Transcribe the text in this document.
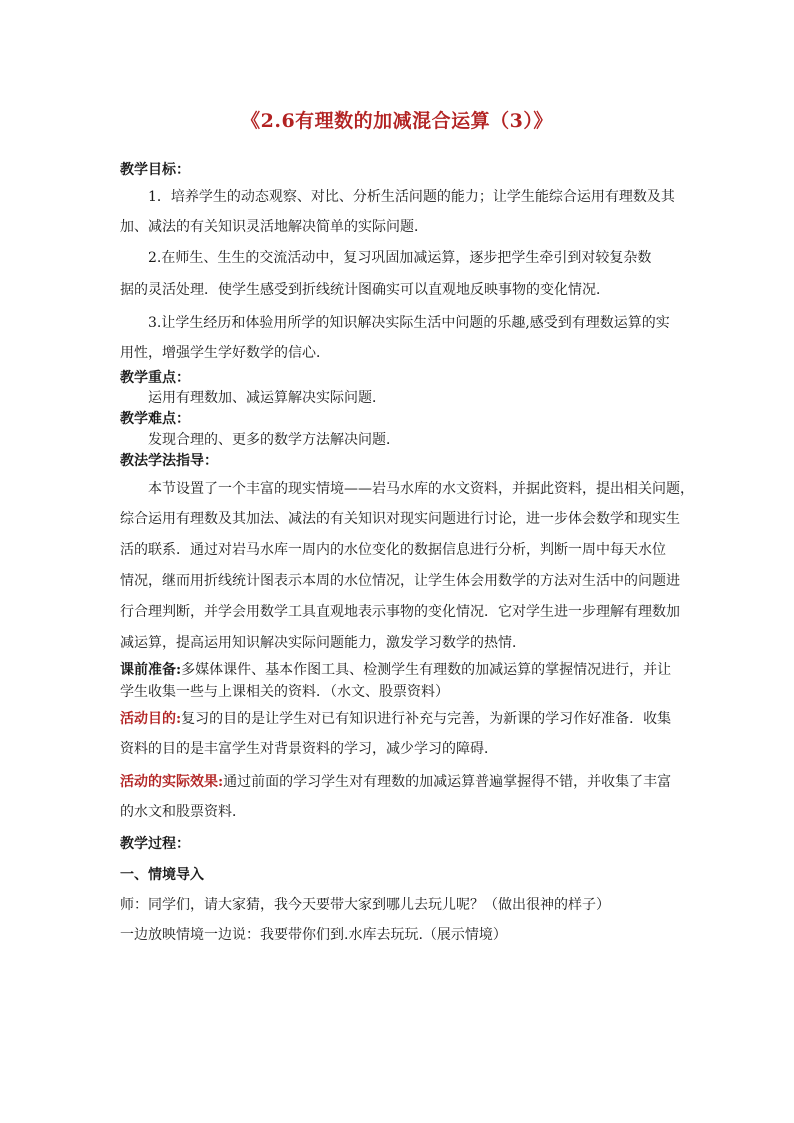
《2.6有理数的加减混合运算（3）》
教学目标：
1．培养学生的动态观察、对比、分析生活问题的能力；让学生能综合运用有理数及其
加、减法的有关知识灵活地解决简单的实际问题．
2.在师生、生生的交流活动中，复习巩固加减运算，逐步把学生牵引到对较复杂数
据的灵活处理．使学生感受到折线统计图确实可以直观地反映事物的变化情况．
3.让学生经历和体验用所学的知识解决实际生活中问题的乐趣,感受到有理数运算的实
用性，增强学生学好数学的信心．
教学重点：
运用有理数加、减运算解决实际问题．
教学难点：
发现合理的、更多的数学方法解决问题．
教法学法指导：
本节设置了一个丰富的现实情境——岩马水库的水文资料，并据此资料，提出相关问题，
综合运用有理数及其加法、减法的有关知识对现实问题进行讨论，进一步体会数学和现实生
活的联系．通过对岩马水库一周内的水位变化的数据信息进行分析，判断一周中每天水位
情况，继而用折线统计图表示本周的水位情况，让学生体会用数学的方法对生活中的问题进
行合理判断，并学会用数学工具直观地表示事物的变化情况．它对学生进一步理解有理数加
减运算，提高运用知识解决实际问题能力，激发学习数学的热情．
课前准备:多媒体课件、基本作图工具、检测学生有理数的加减运算的掌握情况进行，并让
学生收集一些与上课相关的资料．（水文、股票资料）
活动目的:复习的目的是让学生对已有知识进行补充与完善，为新课的学习作好准备．收集
资料的目的是丰富学生对背景资料的学习，减少学习的障碍．
活动的实际效果:通过前面的学习学生对有理数的加减运算普遍掌握得不错，并收集了丰富
的水文和股票资料．
教学过程：
一、情境导入
师：同学们，请大家猜，我今天要带大家到哪儿去玩儿呢？（做出很神的样子）
一边放映情境一边说：我要带你们到.水库去玩玩.（展示情境）
